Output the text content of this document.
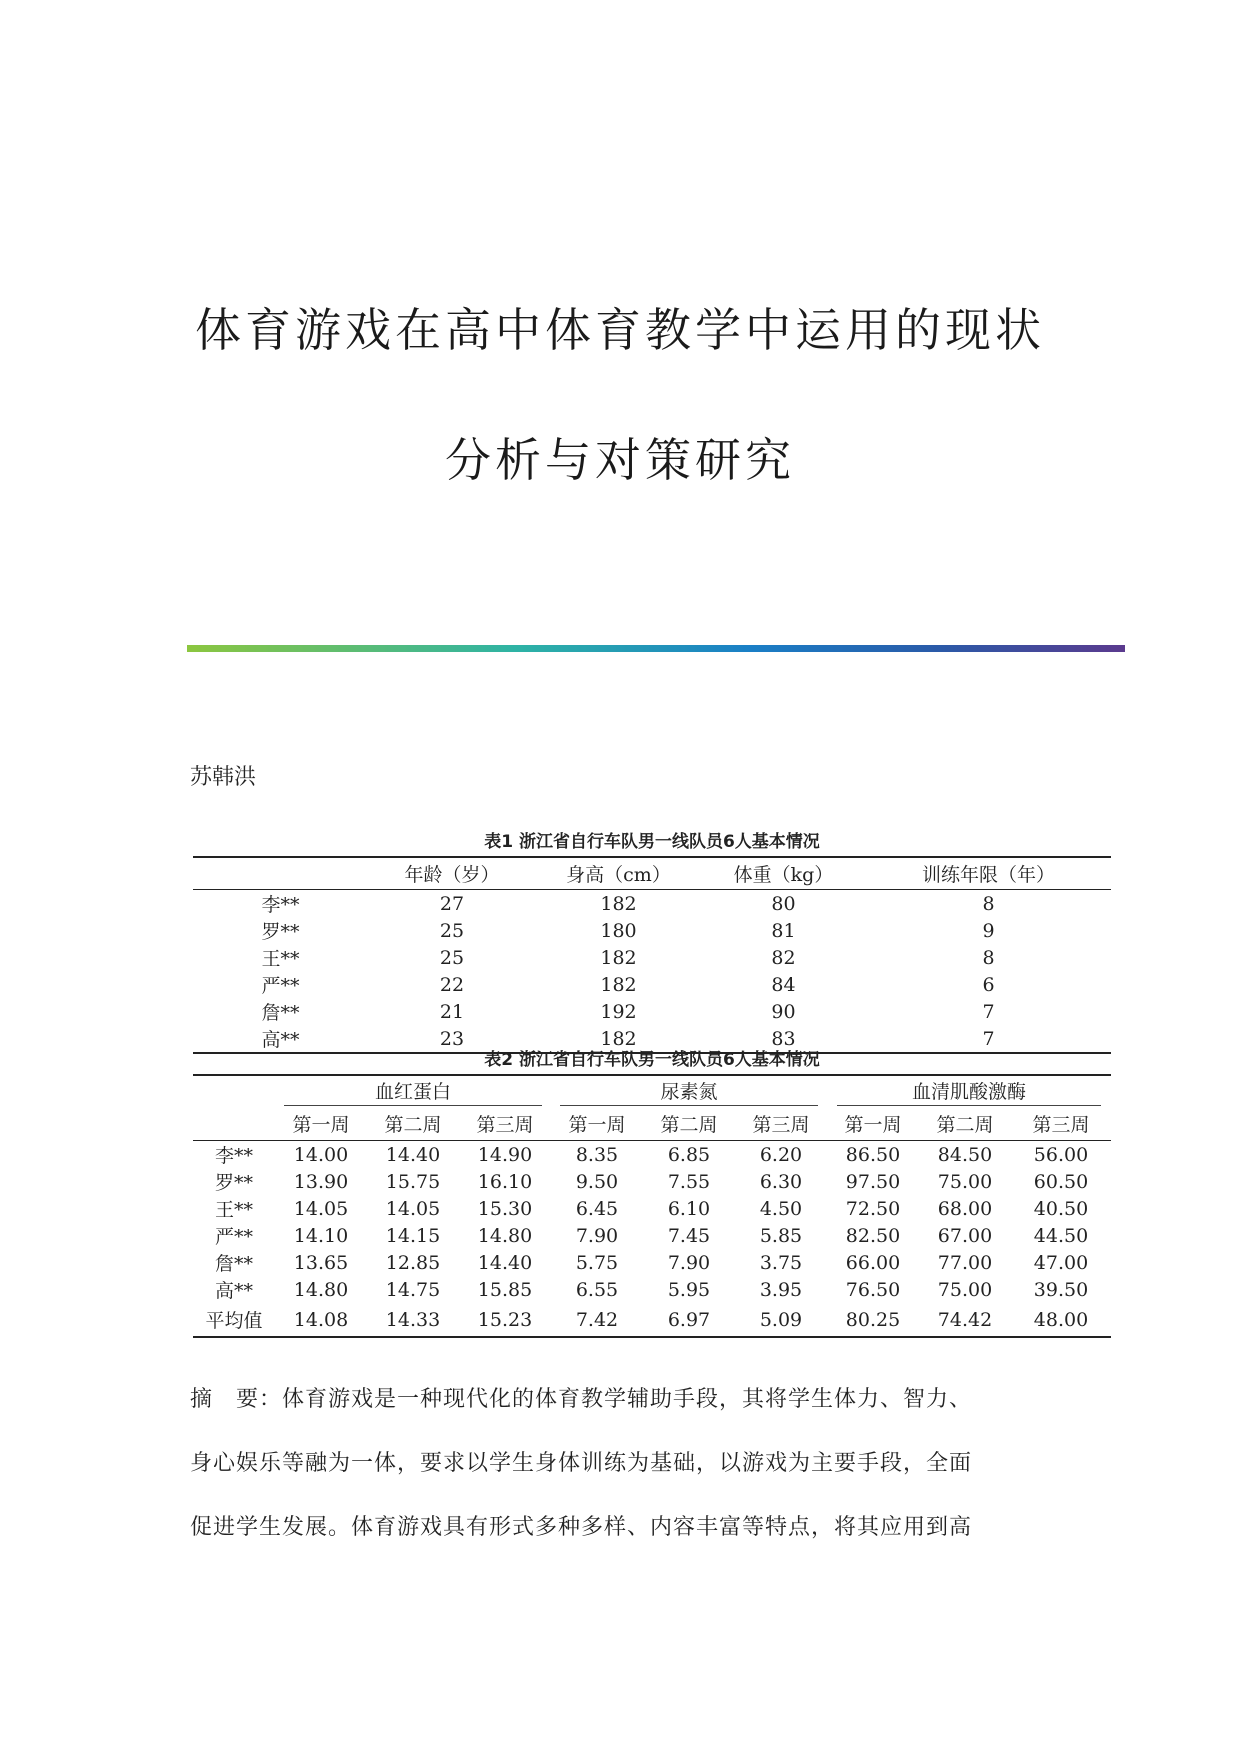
体育游戏在高中体育教学中运用的现状
分析与对策研究
苏韩洪
表1 浙江省自行车队男一线队员6人基本情况
	年龄（岁）	身高（cm）	体重（kg）	训练年限（年）
李**	27	182	80	8
罗**	25	180	81	9
王**	25	182	82	8
严**	22	182	84	6
詹**	21	192	90	7
高**	23	182	83	7
表2 浙江省自行车队男一线队员6人基本情况
	血红蛋白			尿素氮			血清肌酸激酶		
	第一周	第二周	第三周	第一周	第二周	第三周	第一周	第二周	第三周
李**	14.00	14.40	14.90	8.35	6.85	6.20	86.50	84.50	56.00
罗**	13.90	15.75	16.10	9.50	7.55	6.30	97.50	75.00	60.50
王**	14.05	14.05	15.30	6.45	6.10	4.50	72.50	68.00	40.50
严**	14.10	14.15	14.80	7.90	7.45	5.85	82.50	67.00	44.50
詹**	13.65	12.85	14.40	5.75	7.90	3.75	66.00	77.00	47.00
高**	14.80	14.75	15.85	6.55	5.95	3.95	76.50	75.00	39.50
平均值	14.08	14.33	15.23	7.42	6.97	5.09	80.25	74.42	48.00
摘　要：体育游戏是一种现代化的体育教学辅助手段，其将学生体力、智力、
身心娱乐等融为一体，要求以学生身体训练为基础，以游戏为主要手段，全面
促进学生发展。体育游戏具有形式多种多样、内容丰富等特点，将其应用到高
